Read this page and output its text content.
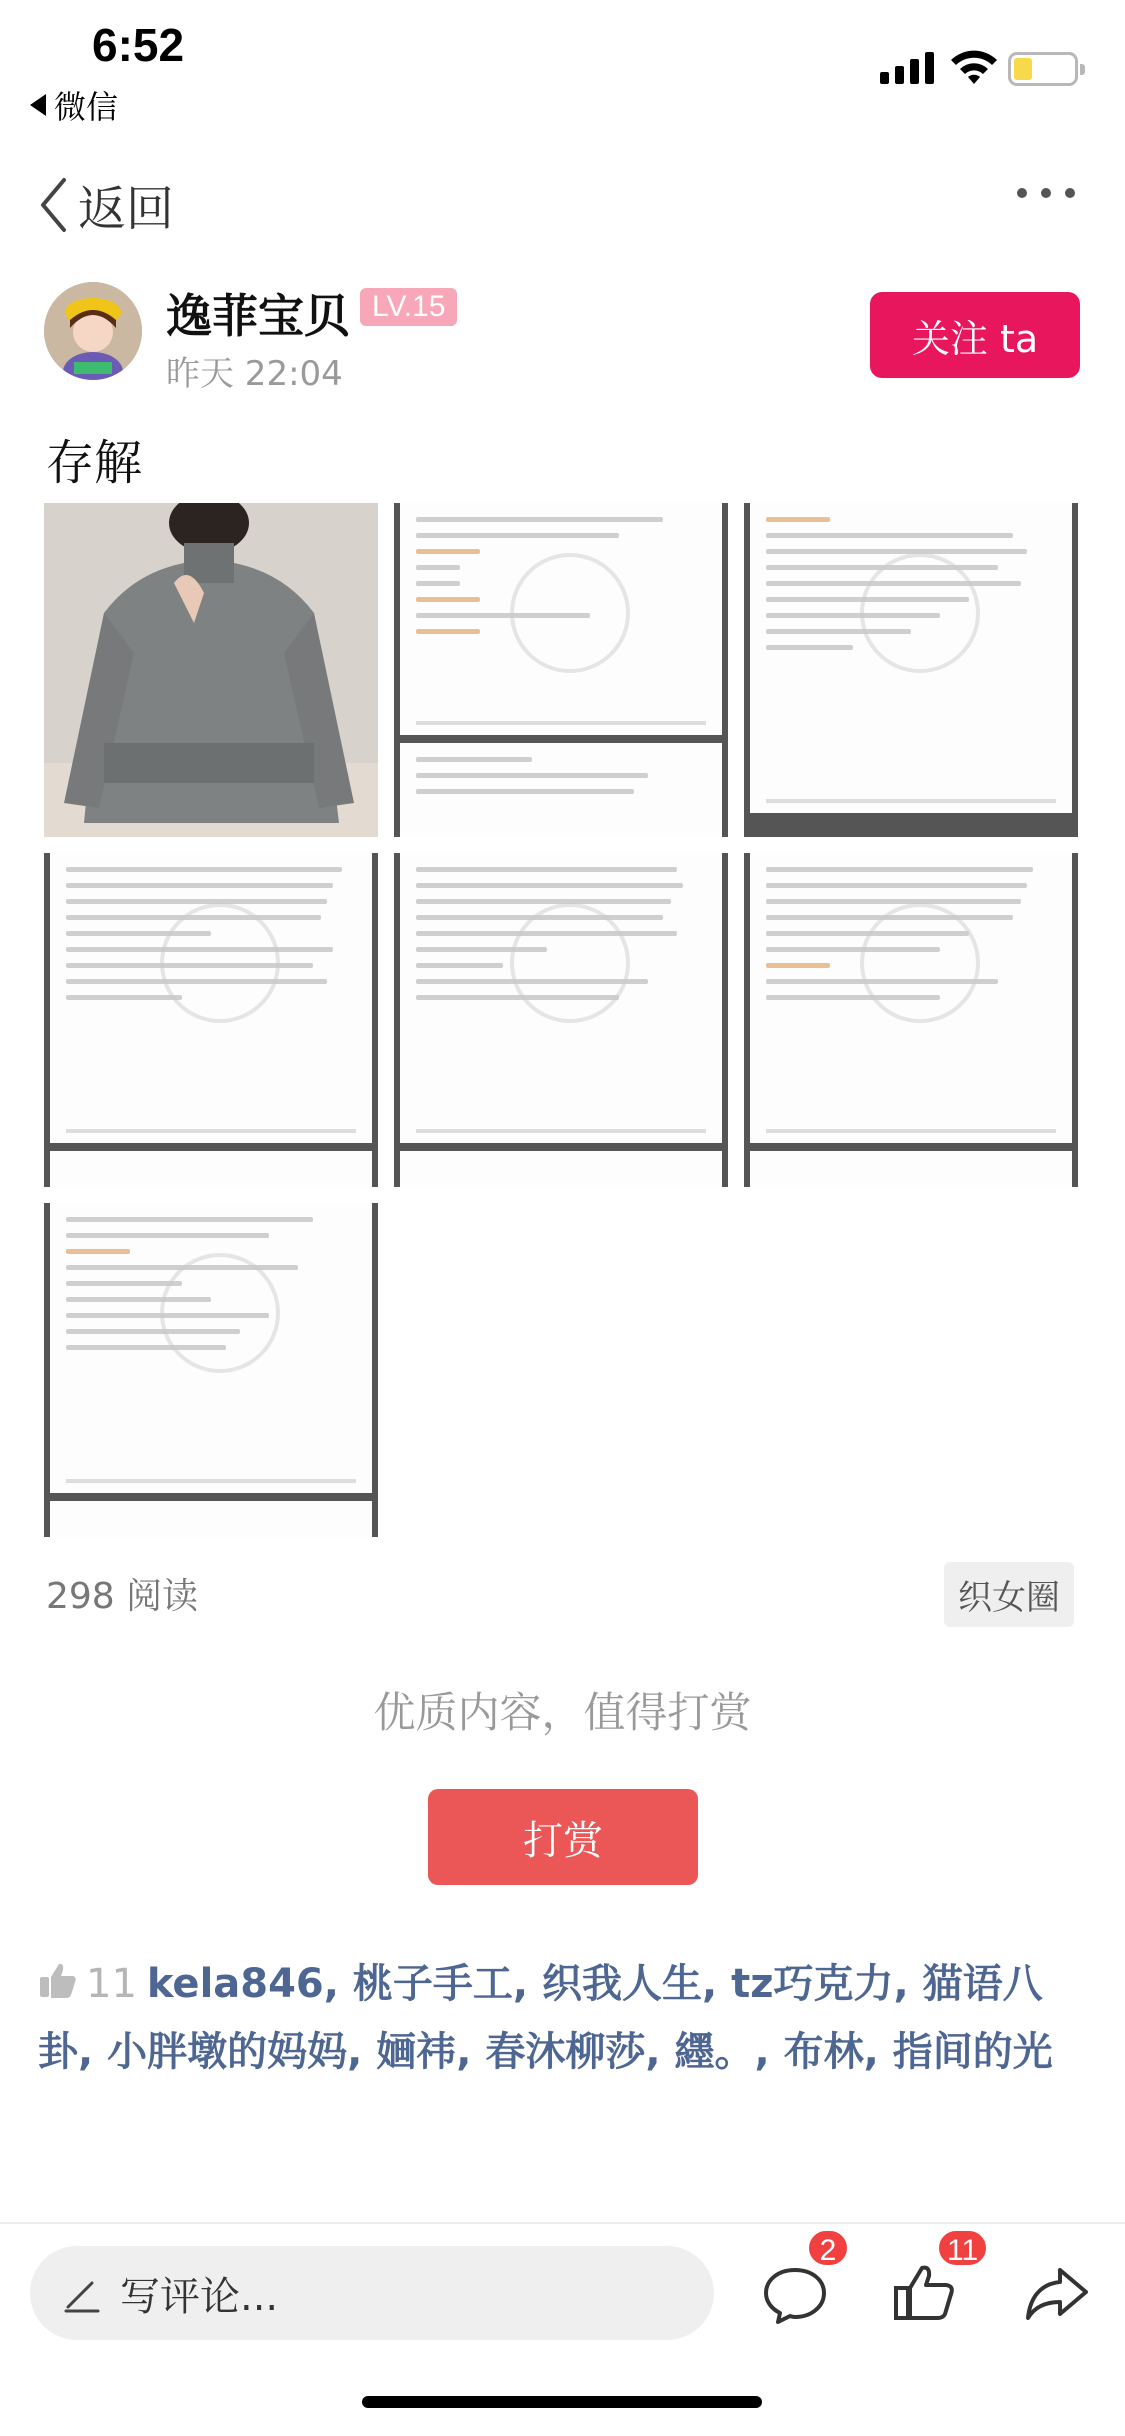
6:52
微信
返回
逸菲宝贝 LV.15
昨天 22:04
关注 ta
存解
298 阅读	织女圈
优质内容，值得打赏
打赏
11 kela846, 桃子手工, 织我人生, tz巧克力, 猫语八卦, 小胖墩的妈妈, 婳祎, 春沐柳莎, 纆。, 布林, 指间的光
写评论...
2	11
